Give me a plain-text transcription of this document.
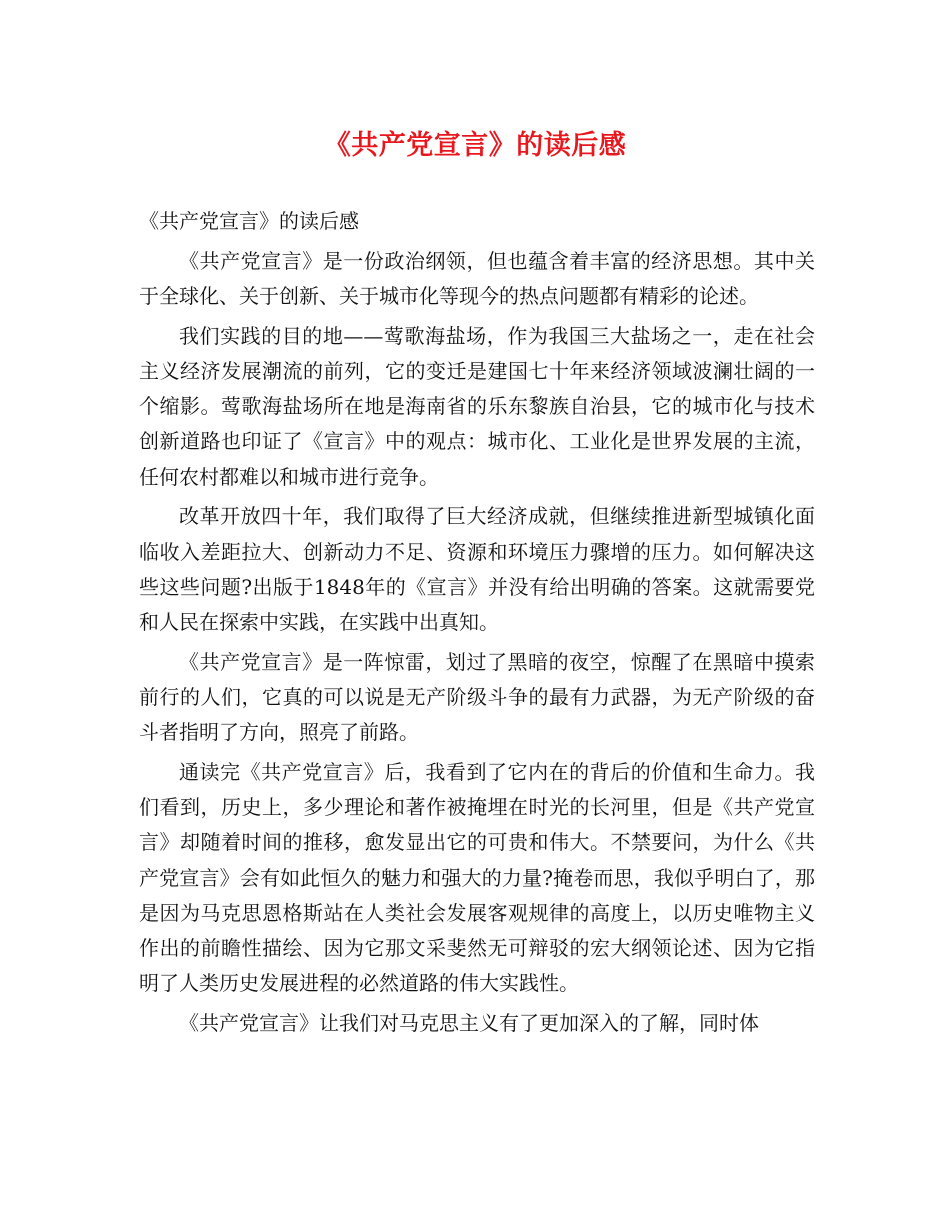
《共产党宣言》的读后感

《共产党宣言》的读后感

《共产党宣言》是一份政治纲领，但也蕴含着丰富的经济思想。其中关于全球化、关于创新、关于城市化等现今的热点问题都有精彩的论述。

我们实践的目的地——莺歌海盐场，作为我国三大盐场之一，走在社会主义经济发展潮流的前列，它的变迁是建国七十年来经济领域波澜壮阔的一个缩影。莺歌海盐场所在地是海南省的乐东黎族自治县，它的城市化与技术创新道路也印证了《宣言》中的观点：城市化、工业化是世界发展的主流，任何农村都难以和城市进行竞争。

改革开放四十年，我们取得了巨大经济成就，但继续推进新型城镇化面临收入差距拉大、创新动力不足、资源和环境压力骤增的压力。如何解决这些这些问题?出版于1848年的《宣言》并没有给出明确的答案。这就需要党和人民在探索中实践，在实践中出真知。

《共产党宣言》是一阵惊雷，划过了黑暗的夜空，惊醒了在黑暗中摸索前行的人们，它真的可以说是无产阶级斗争的最有力武器，为无产阶级的奋斗者指明了方向，照亮了前路。

通读完《共产党宣言》后，我看到了它内在的背后的价值和生命力。我们看到，历史上，多少理论和著作被掩埋在时光的长河里，但是《共产党宣言》却随着时间的推移，愈发显出它的可贵和伟大。不禁要问，为什么《共产党宣言》会有如此恒久的魅力和强大的力量?掩卷而思，我似乎明白了，那是因为马克思恩格斯站在人类社会发展客观规律的高度上，以历史唯物主义作出的前瞻性描绘、因为它那文采斐然无可辩驳的宏大纲领论述、因为它指明了人类历史发展进程的必然道路的伟大实践性。

《共产党宣言》让我们对马克思主义有了更加深入的了解，同时体
